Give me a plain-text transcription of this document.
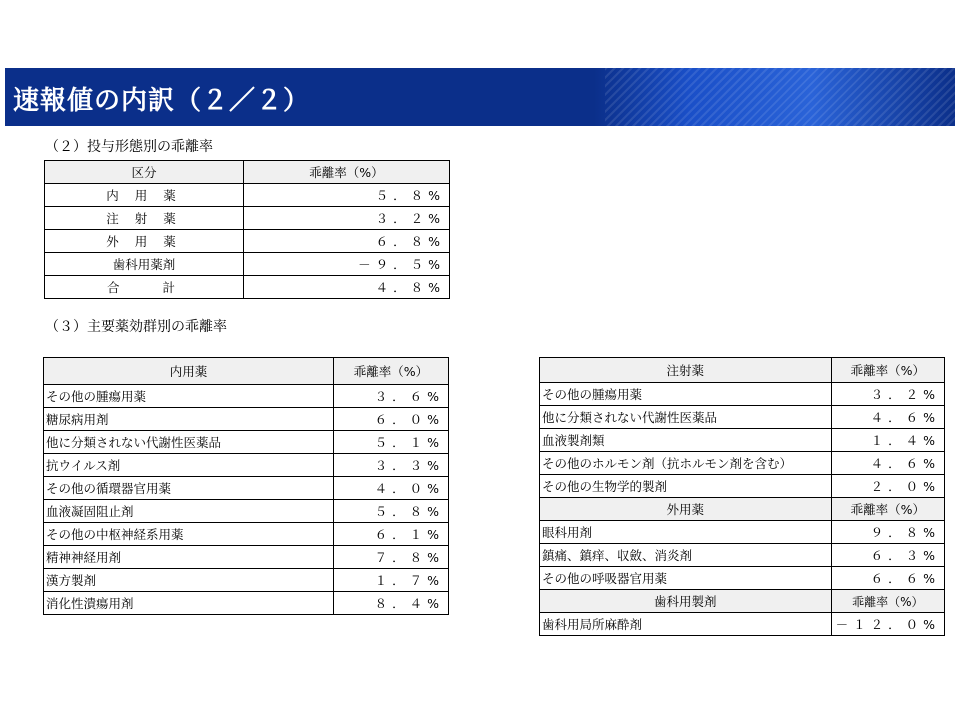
速報値の内訳（２／２）
（２）投与形態別の乖離率
区分	乖離率（%）
内 用 薬	５．８%
注 射 薬	３．２%
外 用 薬	６．８%
歯科用薬剤	－９．５%
合　　計	４．８%
（３）主要薬効群別の乖離率
内用薬	乖離率（%）
その他の腫瘍用薬	３．６%
糖尿病用剤	６．０%
他に分類されない代謝性医薬品	５．１%
抗ウイルス剤	３．３%
その他の循環器官用薬	４．０%
血液凝固阻止剤	５．８%
その他の中枢神経系用薬	６．１%
精神神経用剤	７．８%
漢方製剤	１．７%
消化性潰瘍用剤	８．４%
注射薬	乖離率（%）
その他の腫瘍用薬	３．２%
他に分類されない代謝性医薬品	４．６%
血液製剤類	１．４%
その他のホルモン剤（抗ホルモン剤を含む）	４．６%
その他の生物学的製剤	２．０%
外用薬	乖離率（%）
眼科用剤	９．８%
鎮痛、鎮痒、収斂、消炎剤	６．３%
その他の呼吸器官用薬	６．６%
歯科用製剤	乖離率（%）
歯科用局所麻酔剤	－１２．０%
